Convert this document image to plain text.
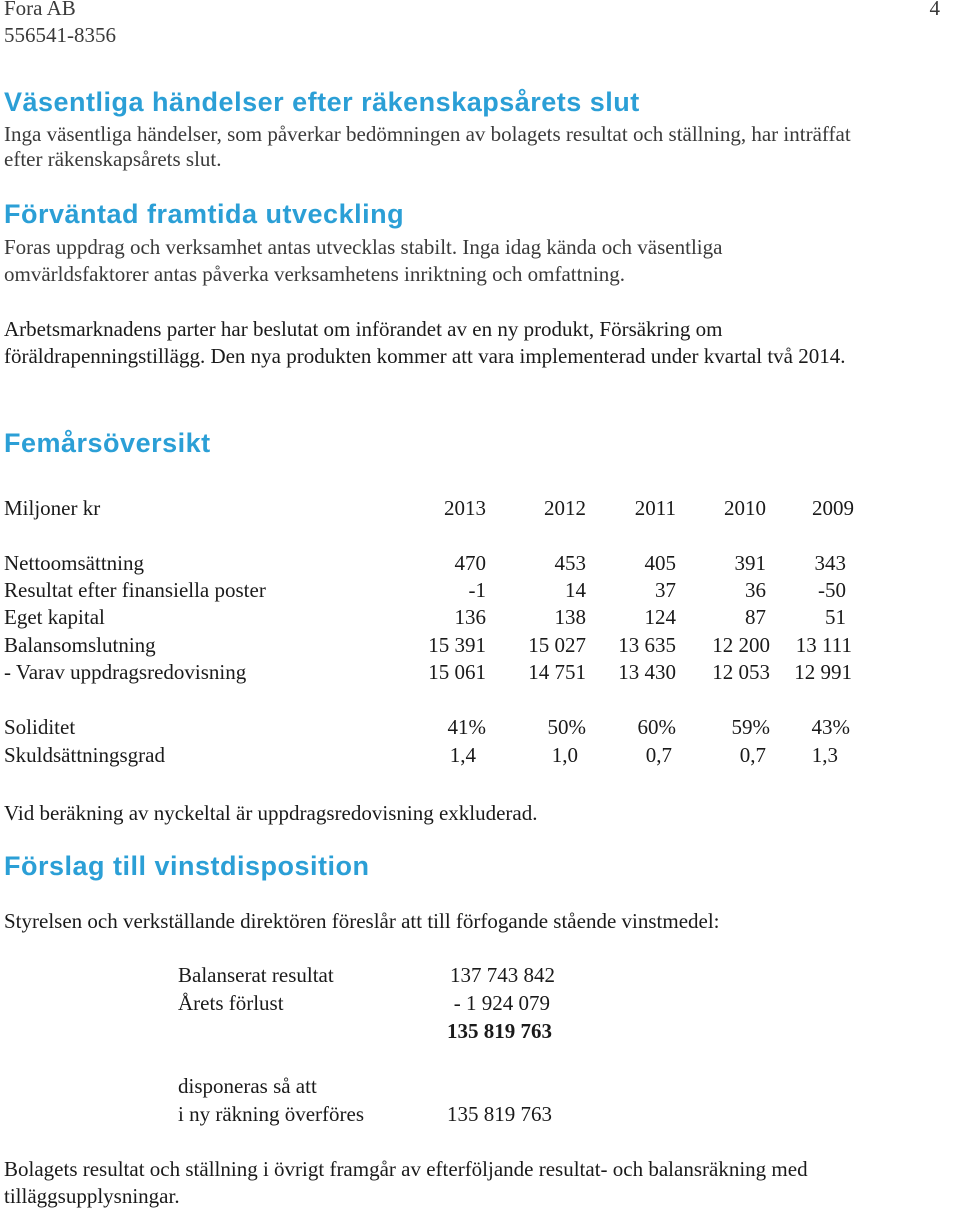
Fora AB
556541-8356
4
Väsentliga händelser efter räkenskapsårets slut
Inga väsentliga händelser, som påverkar bedömningen av bolagets resultat och ställning, har inträffat
efter räkenskapsårets slut.
Förväntad framtida utveckling
Foras uppdrag och verksamhet antas utvecklas stabilt. Inga idag kända och väsentliga
omvärldsfaktorer antas påverka verksamhetens inriktning och omfattning.
Arbetsmarknadens parter har beslutat om införandet av en ny produkt, Försäkring om
föräldrapenningstillägg. Den nya produkten kommer att vara implementerad under kvartal två 2014.
Femårsöversikt
Miljoner kr	2013	2012	2011	2010	2009
Nettoomsättning	470	453	405	391	343
Resultat efter finansiella poster	-1	14	37	36	-50
Eget kapital	136	138	124	87	51
Balansomslutning	15 391	15 027	13 635	12 200	13 111
- Varav uppdragsredovisning	15 061	14 751	13 430	12 053	12 991
Soliditet	41%	50%	60%	59%	43%
Skuldsättningsgrad	1,4	1,0	0,7	0,7	1,3
Vid beräkning av nyckeltal är uppdragsredovisning exkluderad.
Förslag till vinstdisposition
Styrelsen och verkställande direktören föreslår att till förfogande stående vinstmedel:
Balanserat resultat	137 743 842
Årets förlust	- 1 924 079
135 819 763
disponeras så att
i ny räkning överföres	135 819 763
Bolagets resultat och ställning i övrigt framgår av efterföljande resultat- och balansräkning med
tilläggsupplysningar.
